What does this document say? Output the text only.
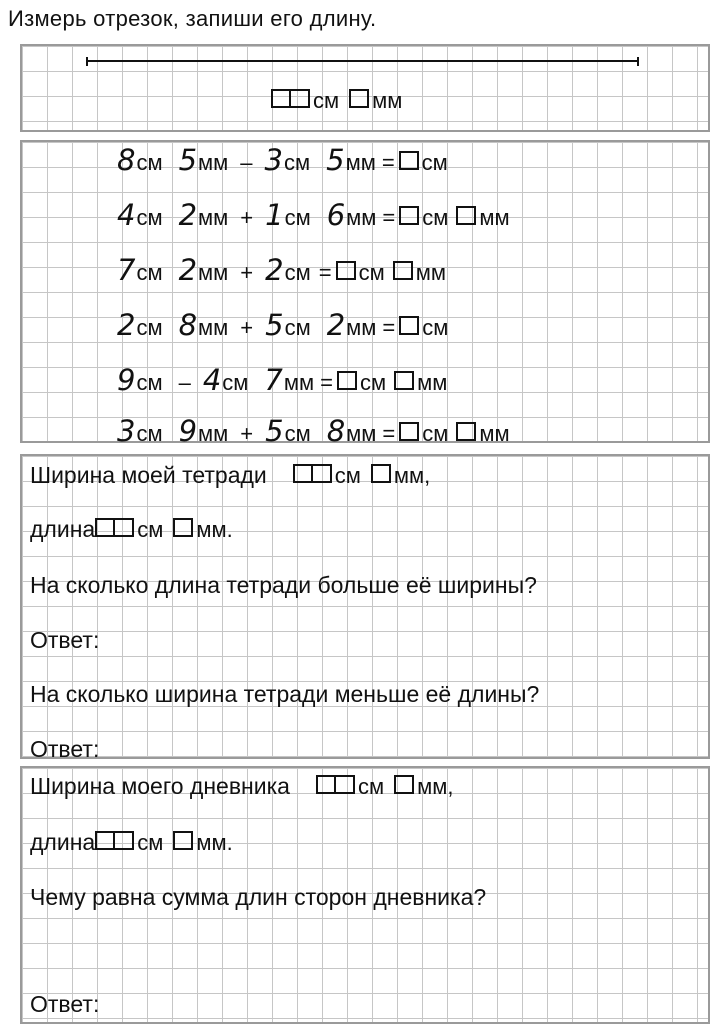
Измерь отрезок, запиши его длину.
см мм
8 см 5 мм – 3 см 5 мм = см
4 см 2 мм + 1 см 6 мм = см мм
7 см 2 мм + 2 см = см мм
2 см 8 мм + 5 см 2 мм = см
9 см – 4 см 7 мм = см мм
3 см 9 мм + 5 см 8 мм = см мм
Ширина моей тетради	см мм,
длина см мм.
На сколько длина тетради больше её ширины?
Ответ:
На сколько ширина тетради меньше её длины?
Ответ:
Ширина моего дневника	см мм,
длина см мм.
Чему равна сумма длин сторон дневника?
Ответ:
